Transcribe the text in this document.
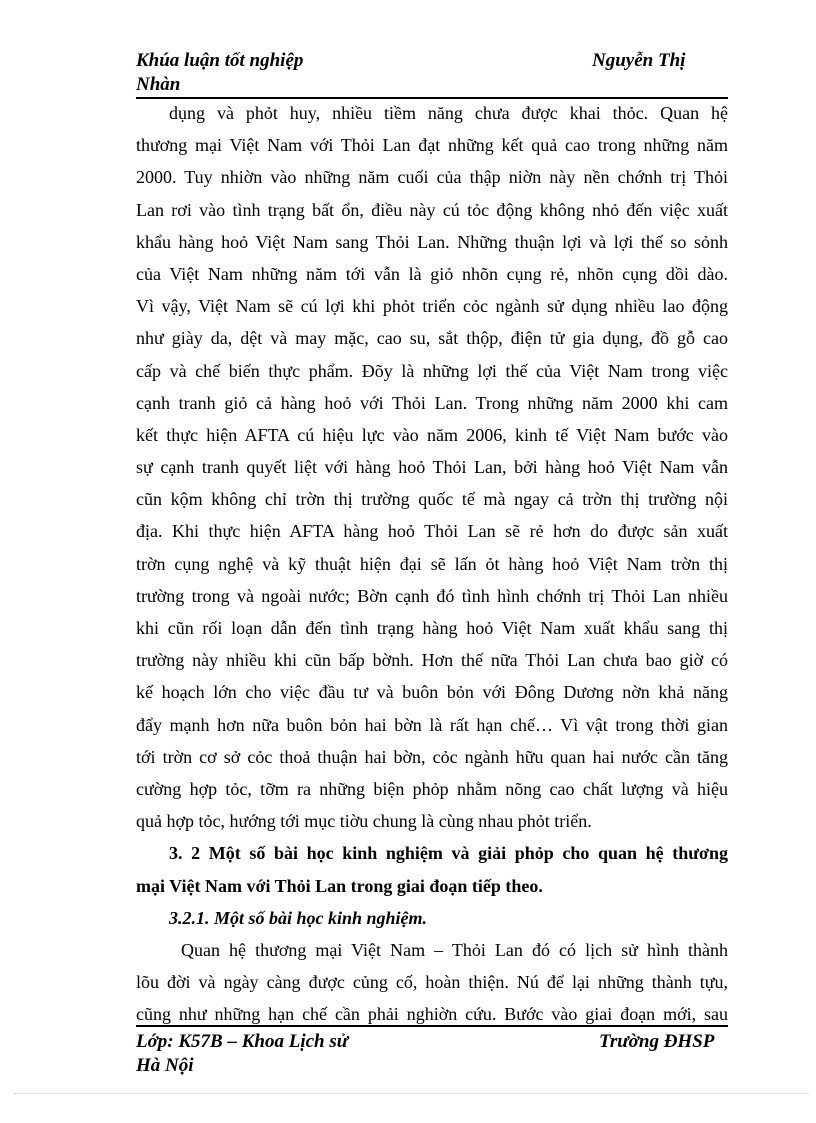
Khúa luận tốt nghiệp	Nguyễn Thị
Nhàn
dụng và phỏt huy, nhiều tiềm năng chưa được khai thỏc. Quan hệ
thương mại Việt Nam với Thỏi Lan đạt những kết quả cao trong những năm
2000. Tuy nhiờn vào những năm cuối của thập niờn này nền chớnh trị Thỏi
Lan rơi vào tình trạng bất ổn, điều này cú tỏc động không nhỏ đến việc xuất
khẩu hàng hoỏ Việt Nam sang Thỏi Lan. Những thuận lợi và lợi thế so sỏnh
của Việt Nam những năm tới vẫn là giỏ nhõn cụng rẻ, nhõn cụng dồi dào.
Vì vậy, Việt Nam sẽ cú lợi khi phỏt triển cỏc ngành sử dụng nhiều lao động
như giày da, dệt và may mặc, cao su, sắt thộp, điện tử gia dụng, đồ gỗ cao
cấp và chế biến thực phẩm. Đõy là những lợi thế của Việt Nam trong việc
cạnh tranh giỏ cả hàng hoỏ với Thỏi Lan. Trong những năm 2000 khi cam
kết thực hiện AFTA cú hiệu lực vào năm 2006, kinh tế Việt Nam bước vào
sự cạnh tranh quyết liệt với hàng hoỏ Thỏi Lan, bởi hàng hoỏ Việt Nam vẫn
cũn kộm không chỉ trờn thị trường quốc tế mà ngay cả trờn thị trường nội
địa. Khi thực hiện AFTA hàng hoỏ Thỏi Lan sẽ rẻ hơn do được sản xuất
trờn cụng nghệ và kỹ thuật hiện đại sẽ lấn ỏt hàng hoỏ Việt Nam trờn thị
trường trong và ngoài nước; Bờn cạnh đó tình hình chớnh trị Thỏi Lan nhiều
khi cũn rối loạn dẫn đến tình trạng hàng hoỏ Việt Nam xuất khẩu sang thị
trường này nhiều khi cũn bấp bờnh. Hơn thế nữa Thỏi Lan chưa bao giờ có
kế hoạch lớn cho việc đầu tư và buôn bỏn với Đông Dương nờn khả năng
đẩy mạnh hơn nữa buôn bỏn hai bờn là rất hạn chế… Vì vật trong thời gian
tới trờn cơ sở cỏc thoả thuận hai bờn, cỏc ngành hữu quan hai nước cần tăng
cường hợp tỏc, tỡm ra những biện phỏp nhằm nõng cao chất lượng và hiệu
quả hợp tỏc, hướng tới mục tiờu chung là cùng nhau phỏt triển.
3. 2 Một số bài học kinh nghiệm và giải phỏp cho quan hệ thương
mại Việt Nam với Thỏi Lan trong giai đoạn tiếp theo.
3.2.1. Một số bài học kinh nghiệm.
Quan hệ thương mại Việt Nam – Thỏi Lan đó có lịch sử hình thành
lõu đời và ngày càng được củng cố, hoàn thiện. Nú để lại những thành tựu,
cũng như những hạn chế cần phải nghiờn cứu. Bước vào giai đoạn mới, sau
Lớp: K57B – Khoa Lịch sử	Trường ĐHSP
Hà Nội
